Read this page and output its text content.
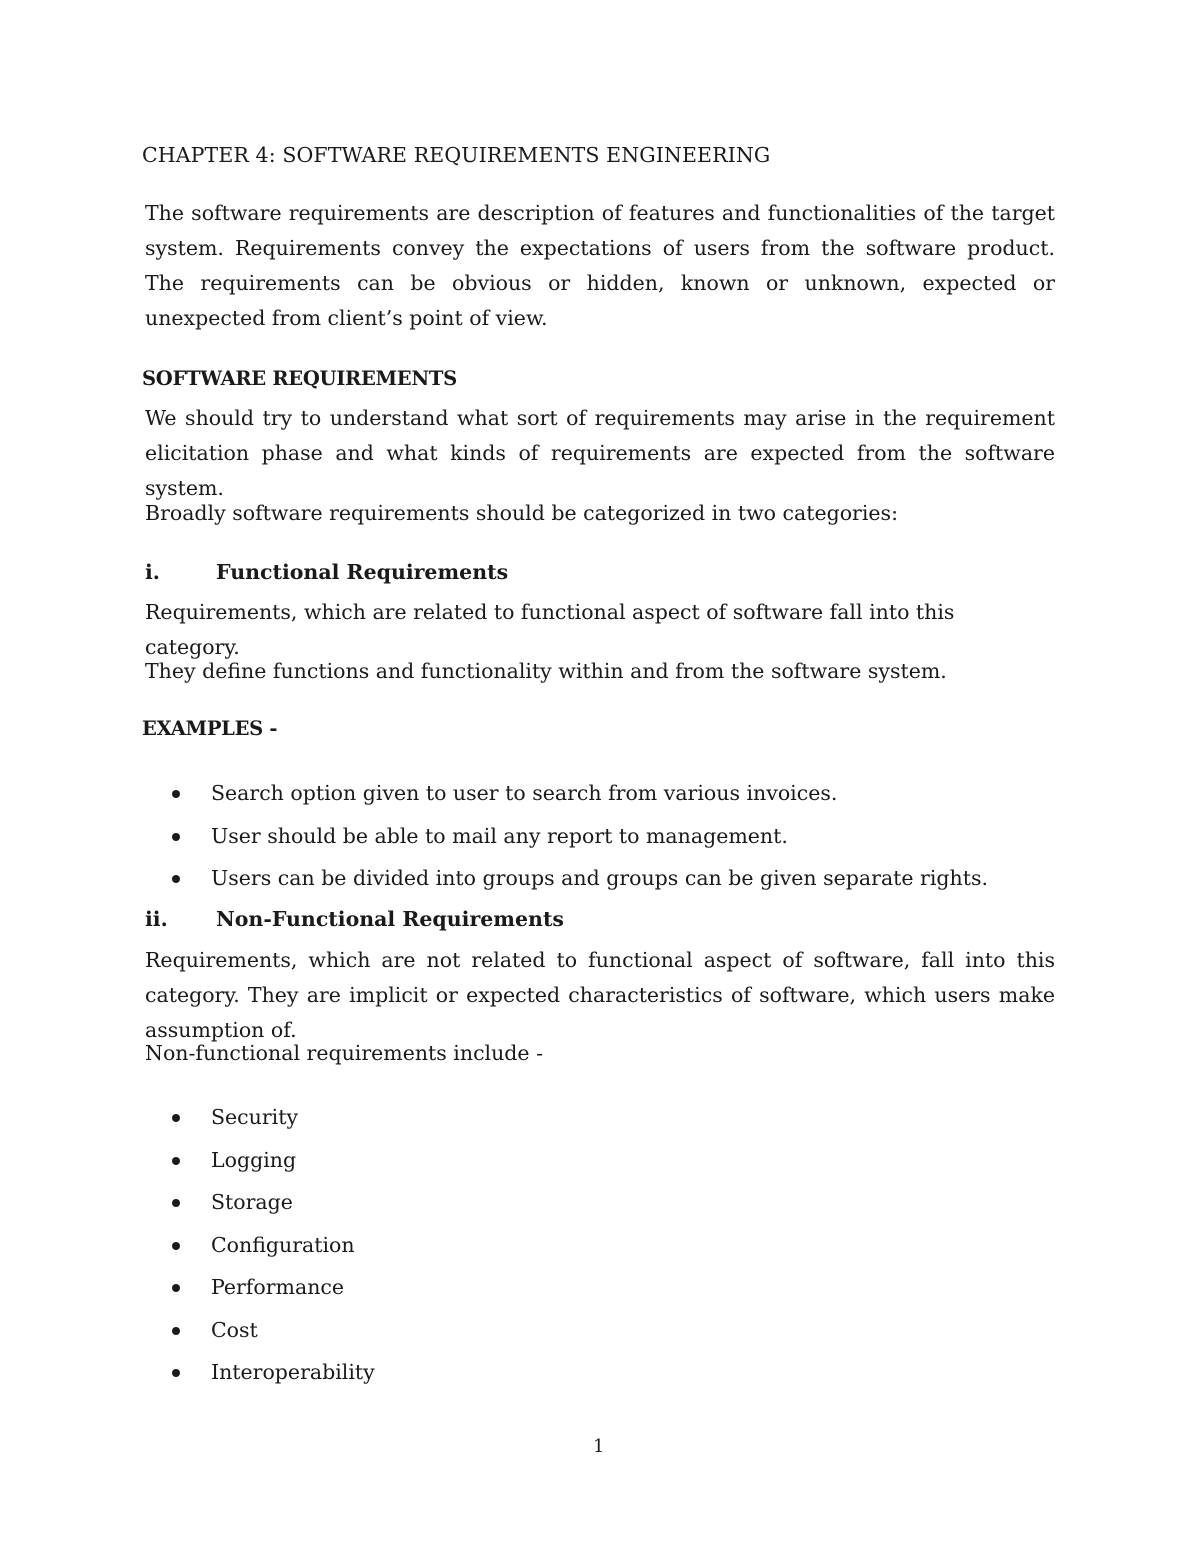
CHAPTER 4: SOFTWARE REQUIREMENTS ENGINEERING

The software requirements are description of features and functionalities of the target system. Requirements convey the expectations of users from the software product. The requirements can be obvious or hidden, known or unknown, expected or unexpected from client’s point of view.

SOFTWARE REQUIREMENTS

We should try to understand what sort of requirements may arise in the requirement elicitation phase and what kinds of requirements are expected from the software system.

Broadly software requirements should be categorized in two categories:

i.	Functional Requirements

Requirements, which are related to functional aspect of software fall into this category.

They define functions and functionality within and from the software system.

EXAMPLES -
Search option given to user to search from various invoices.
User should be able to mail any report to management.
Users can be divided into groups and groups can be given separate rights.
ii. Non-Functional Requirements

Requirements, which are not related to functional aspect of software, fall into this category. They are implicit or expected characteristics of software, which users make assumption of.

Non-functional requirements include -

Security
Logging
Storage
Configuration
Performance
Cost
Interoperability
1
